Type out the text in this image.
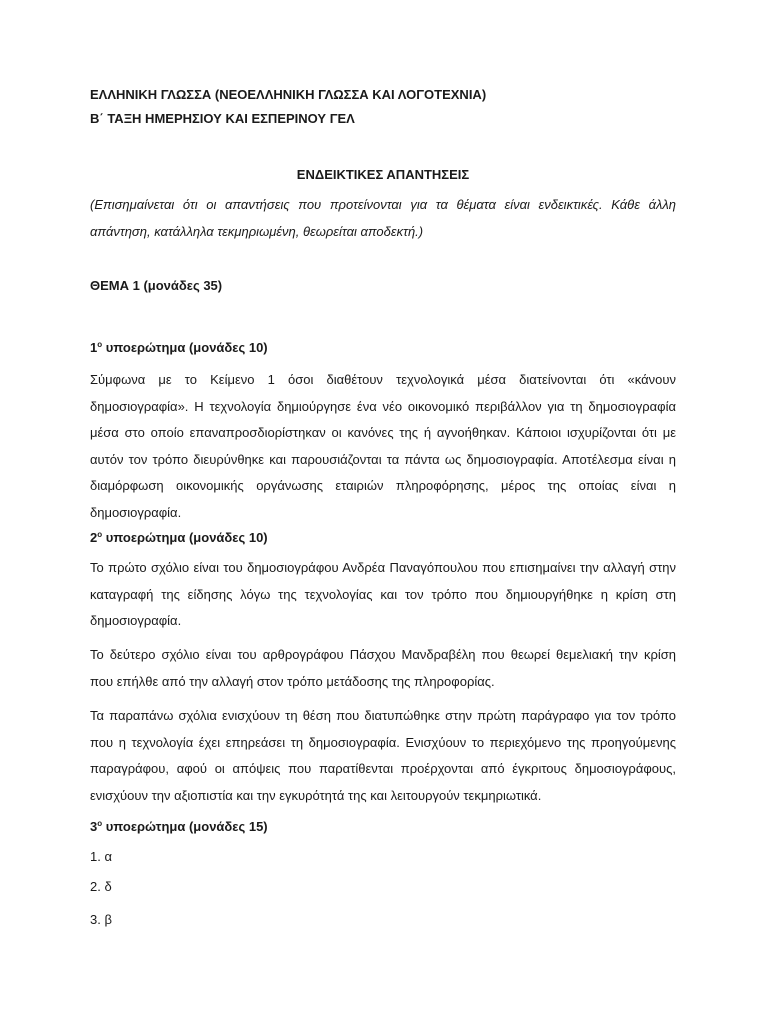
ΕΛΛΗΝΙΚΗ ΓΛΩΣΣΑ (ΝΕΟΕΛΛΗΝΙΚΗ ΓΛΩΣΣΑ ΚΑΙ ΛΟΓΟΤΕΧΝΙΑ)
Β΄ ΤΑΞΗ ΗΜΕΡΗΣΙΟΥ ΚΑΙ ΕΣΠΕΡΙΝΟΥ ΓΕΛ
ΕΝΔΕΙΚΤΙΚΕΣ ΑΠΑΝΤΗΣΕΙΣ
(Επισημαίνεται ότι οι απαντήσεις που προτείνονται για τα θέματα είναι ενδεικτικές. Κάθε άλλη
απάντηση, κατάλληλα τεκμηριωμένη, θεωρείται αποδεκτή.)
ΘΕΜΑ 1 (μονάδες 35)
$1^o$ υποερώτημα (μονάδες 10)
Σύμφωνα με το Κείμενο 1 όσοι διαθέτουν τεχνολογικά μέσα διατείνονται ότι «κάνουν
δημοσιογραφία». Η τεχνολογία δημιούργησε ένα νέο οικονομικό περιβάλλον για τη δημοσιογραφία
μέσα στο οποίο επαναπροσδιορίστηκαν οι κανόνες της ή αγνοήθηκαν. Κάποιοι ισχυρίζονται ότι με
αυτόν τον τρόπο διευρύνθηκε και παρουσιάζονται τα πάντα ως δημοσιογραφία. Αποτέλεσμα είναι η
διαμόρφωση οικονομικής οργάνωσης εταιριών πληροφόρησης, μέρος της οποίας είναι η
δημοσιογραφία.
$2^o$ υποερώτημα (μονάδες 10)
Το πρώτο σχόλιο είναι του δημοσιογράφου Ανδρέα Παναγόπουλου που επισημαίνει την αλλαγή στην
καταγραφή της είδησης λόγω της τεχνολογίας και τον τρόπο που δημιουργήθηκε η κρίση στη
δημοσιογραφία.
Το δεύτερο σχόλιο είναι του αρθρογράφου Πάσχου Μανδραβέλη που θεωρεί θεμελιακή την κρίση
που επήλθε από την αλλαγή στον τρόπο μετάδοσης της πληροφορίας.
Τα παραπάνω σχόλια ενισχύουν τη θέση που διατυπώθηκε στην πρώτη παράγραφο για τον τρόπο
που η τεχνολογία έχει επηρεάσει τη δημοσιογραφία. Ενισχύουν το περιεχόμενο της προηγούμενης
παραγράφου, αφού οι απόψεις που παρατίθενται προέρχονται από έγκριτους δημοσιογράφους,
ενισχύουν την αξιοπιστία και την εγκυρότητά της και λειτουργούν τεκμηριωτικά.
$3^o$ υποερώτημα (μονάδες 15)
1. α
2. δ
3. β
